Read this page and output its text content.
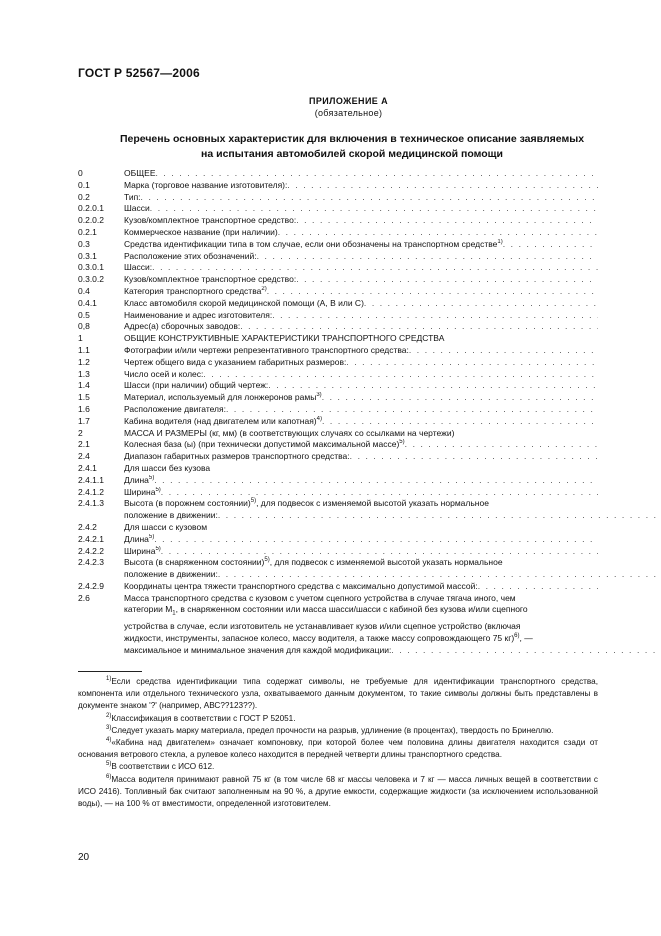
ГОСТ Р 52567—2006
ПРИЛОЖЕНИЕ А
(обязательное)
Перечень основных характеристик для включения в техническое описание заявляемых
на испытания автомобилей скорой медицинской помощи
0	ОБЩЕЕ
. . .
0.1	Марка (торговое название изготовителя):
. . .
0.2	Тип:
. . .
0.2.0.1	Шасси
. . .
0.2.0.2	Кузов/комплектное транспортное средство:
. . .
0.2.1	Коммерческое название (при наличии)
. . .
0.3	Средства идентификации типа в том случае, если они обозначены на транспортном средстве$^{1)}$
. . .
0.3.1	Расположение этих обозначений:
. . .
0.3.0.1	Шасси:
. . .
0.3.0.2	Кузов/комплектное транспортное средство:
. . .
0.4	Категория транспортного средства$^{2)}$
. . .
0.4.1	Класс автомобиля скорой медицинской помощи (А, В или С)
. . .
0.5	Наименование и адрес изготовителя:
. . .
0,8	Адрес(а) сборочных заводов:
. . .
1	ОБЩИЕ КОНСТРУКТИВНЫЕ ХАРАКТЕРИСТИКИ ТРАНСПОРТНОГО СРЕДСТВА
1.1	Фотографии и/или чертежи репрезентативного транспортного средства:
. . .
1.2	Чертеж общего вида с указанием габаритных размеров:
. . .
1.3	Число осей и колес:
. . .
1.4	Шасси (при наличии) общий чертеж:
. . .
1.5	Материал, используемый для лонжеронов рамы$^{3)}$
. . .
1.6	Расположение двигателя:
. . .
1.7	Кабина водителя (над двигателем или капотная)$^{4)}$
. . .
2	МАССА И РАЗМЕРЫ (кг, мм) (в соответствующих случаях со ссылками на чертежи)
2.1	Колесная база (ы) (при технически допустимой максимальной массе)$^{5)}$
. . .
2.4	Диапазон габаритных размеров транспортного средства:
. . .
2.4.1	Для шасси без кузова
2.4.1.1	Длина$^{5)}$
. . .
2.4.1.2	Ширина$^{5)}$
. . .
2.4.1.3	Высота (в порожнем состоянии)$^{5)}$, для подвесок с изменяемой высотой указать нормальное
положение в движении:
. . .
2.4.2	Для шасси с кузовом
2.4.2.1	Длина$^{5)}$
. . .
2.4.2.2	Ширина$^{5)}$
. . .
2.4.2.3	Высота (в снаряженном состоянии)$^{5)}$, для подвесок с изменяемой высотой указать нормальное
положение в движении:
. . .
2.4.2.9	Координаты центра тяжести транспортного средства с максимально допустимой массой:
. . .
2.6	Масса транспортного средства с кузовом с учетом сцепного устройства в случае тягача иного, чем
категории $М_1$, в снаряженном состоянии или масса шасси/шасси с кабиной без кузова и/или сцепного
устройства в случае, если изготовитель не устанавливает кузов и/или сцепное устройство (включая
жидкости, инструменты, запасное колесо, массу водителя, а также массу сопровождающего 75 кг)$^{6)}$, —
максимальное и минимальное значения для каждой модификации:
. . .

$^{1)}$Если средства идентификации типа содержат символы, не требуемые для идентификации транспортного средства, компонента или отдельного технического узла, охватываемого данным документом, то такие символы должны быть представлены в документе знаком '?' (например, АВС??123??).

$^{2)}$Классификация в соответствии с ГОСТ Р 52051.

$^{3)}$Следует указать марку материала, предел прочности на разрыв, удлинение (в процентах), твердость по Бринеллю.

$^{4)}$«Кабина над двигателем» означает компоновку, при которой более чем половина длины двигателя находится сзади от основания ветрового стекла, а рулевое колесо находится в передней четверти длины транспортного средства.

$^{5)}$В соответствии с ИСО 612.

$^{6)}$Масса водителя принимают равной 75 кг (в том числе 68 кг массы человека и 7 кг — масса личных вещей в соответствии с ИСО 2416). Топливный бак считают заполненным на 90 %, а другие емкости, содержащие жидкости (за исключением использованной воды), — на 100 % от вместимости, определенной изготовителем.

20
